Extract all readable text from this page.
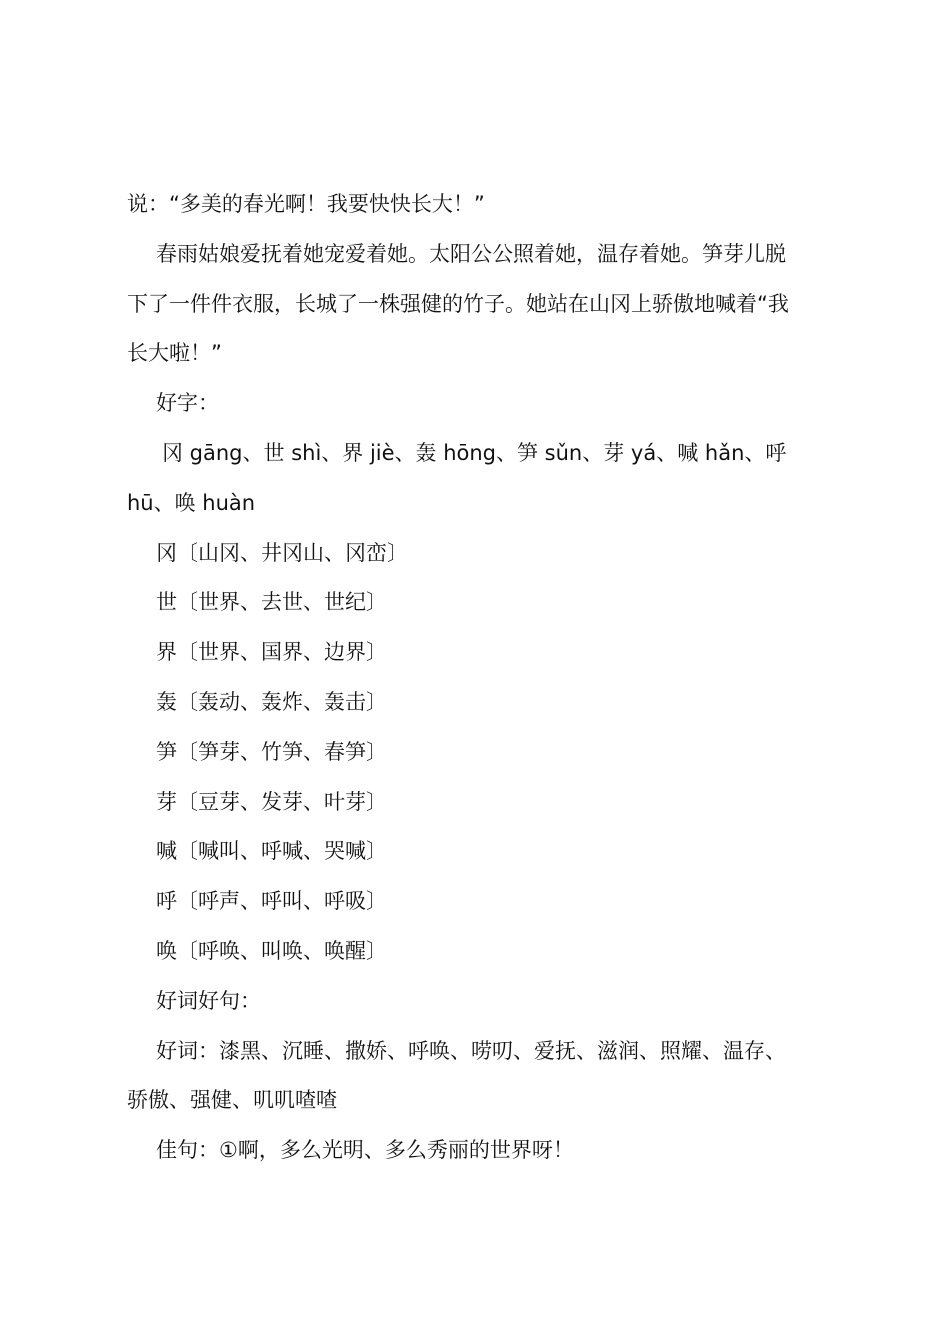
说：“多美的春光啊！我要快快长大！”

春雨姑娘爱抚着她宠爱着她。太阳公公照着她，温存着她。笋芽儿脱

下了一件件衣服，长城了一株强健的竹子。她站在山冈上骄傲地喊着“我

长大啦！”

好字：

冈 gāng、世 shì、界 jiè、轰 hōng、笋 sǔn、芽 yá、喊 hǎn、呼

hū、唤 huàn

冈〔山冈、井冈山、冈峦〕

世〔世界、去世、世纪〕

界〔世界、国界、边界〕

轰〔轰动、轰炸、轰击〕

笋〔笋芽、竹笋、春笋〕

芽〔豆芽、发芽、叶芽〕

喊〔喊叫、呼喊、哭喊〕

呼〔呼声、呼叫、呼吸〕

唤〔呼唤、叫唤、唤醒〕

好词好句：

好词：漆黑、沉睡、撒娇、呼唤、唠叨、爱抚、滋润、照耀、温存、

骄傲、强健、叽叽喳喳

佳句：①啊，多么光明、多么秀丽的世界呀！
